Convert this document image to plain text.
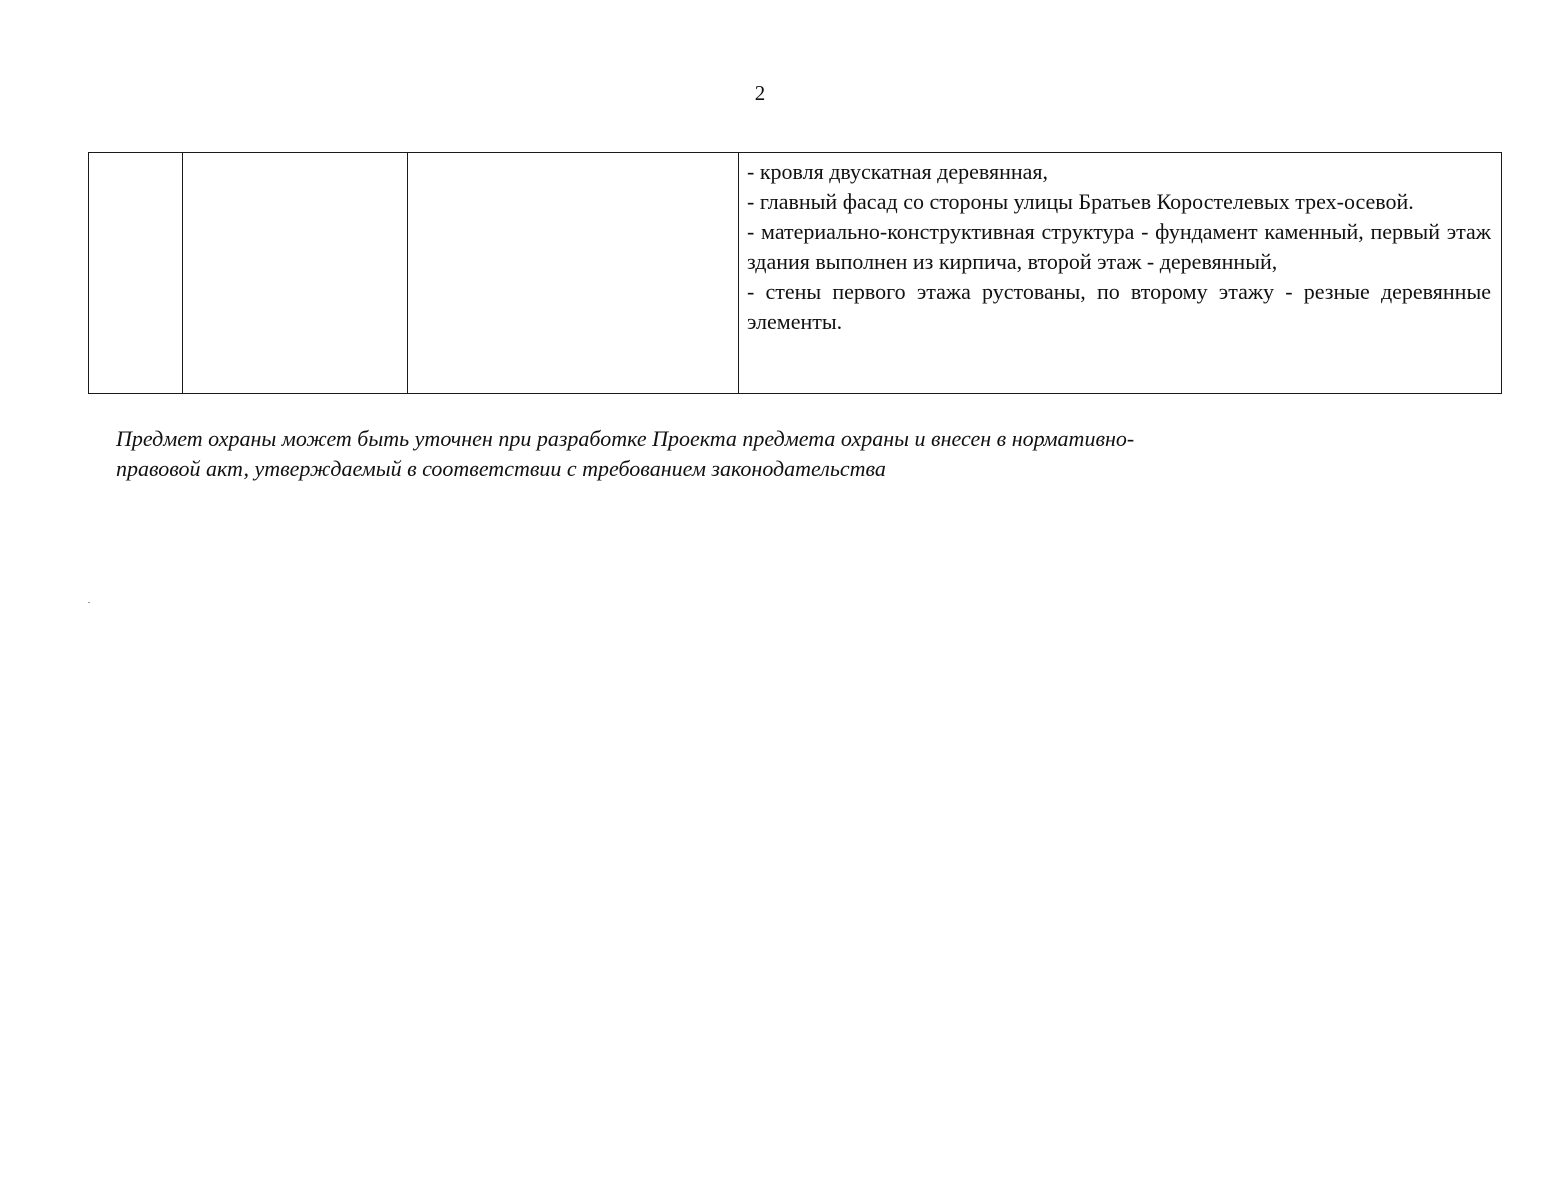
2

- кровля двускатная деревянная,
- главный фасад со стороны улицы Братьев Коростелевых трех-осевой.
- материально-конструктивная структура - фундамент каменный, первый этаж здания выполнен из кирпича, второй этаж - деревянный,
- стены первого этажа рустованы, по второму этажу - резные деревянные элементы.
Предмет охраны может быть уточнен при разработке Проекта предмета охраны и внесен в нормативно-
правовой акт, утверждаемый в соответствии с требованием законодательства
